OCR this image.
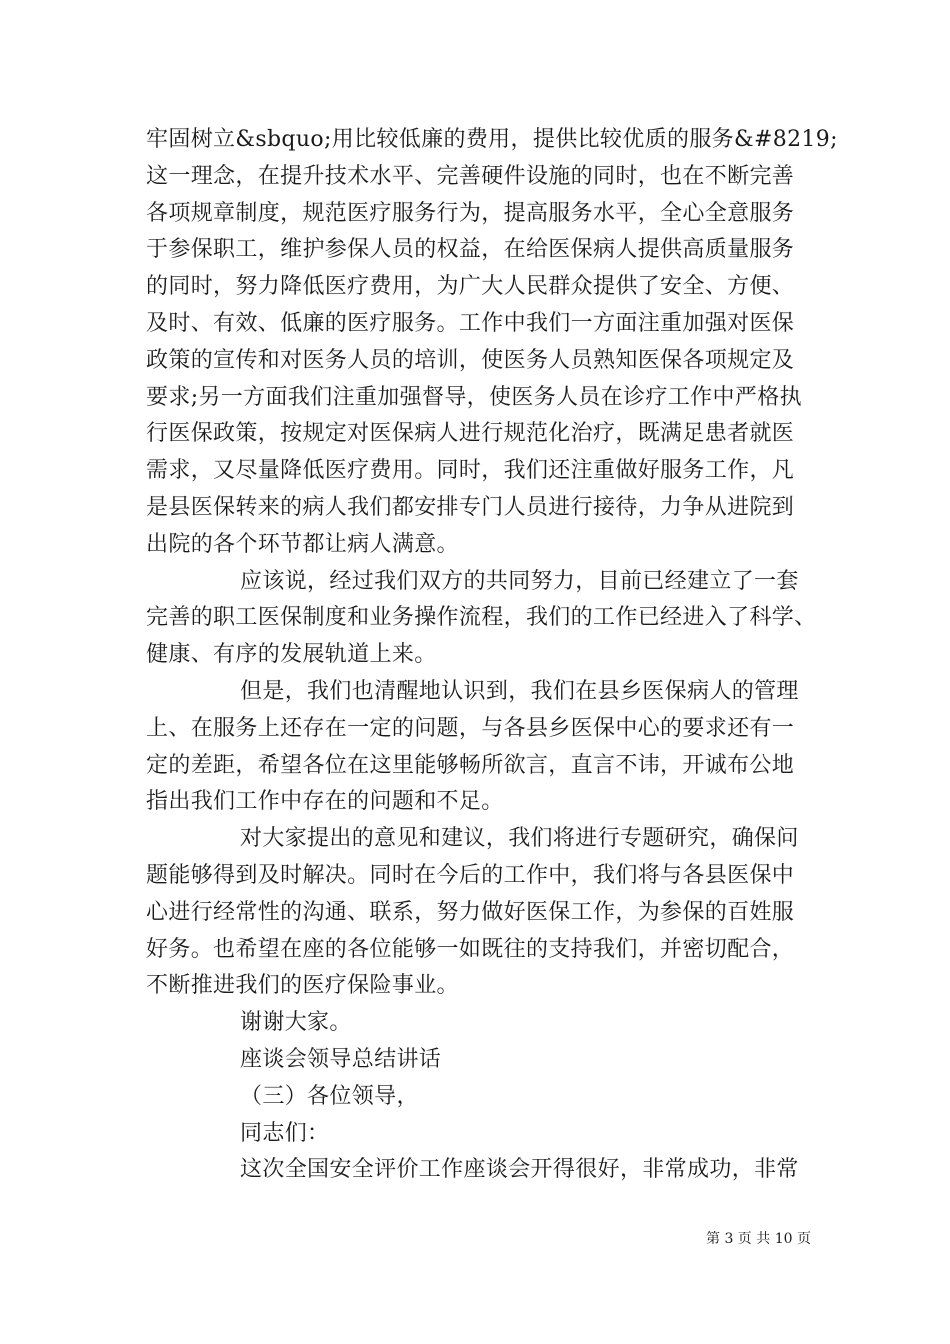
牢固树立&sbquo;用比较低廉的费用，提供比较优质的服务&#8219;
这一理念，在提升技术水平、完善硬件设施的同时，也在不断完善
各项规章制度，规范医疗服务行为，提高服务水平，全心全意服务
于参保职工，维护参保人员的权益，在给医保病人提供高质量服务
的同时，努力降低医疗费用，为广大人民群众提供了安全、方便、
及时、有效、低廉的医疗服务。工作中我们一方面注重加强对医保
政策的宣传和对医务人员的培训，使医务人员熟知医保各项规定及
要求;另一方面我们注重加强督导，使医务人员在诊疗工作中严格执
行医保政策，按规定对医保病人进行规范化治疗，既满足患者就医
需求，又尽量降低医疗费用。同时，我们还注重做好服务工作，凡
是县医保转来的病人我们都安排专门人员进行接待，力争从进院到
出院的各个环节都让病人满意。
应该说，经过我们双方的共同努力，目前已经建立了一套
完善的职工医保制度和业务操作流程，我们的工作已经进入了科学、
健康、有序的发展轨道上来。
但是，我们也清醒地认识到，我们在县乡医保病人的管理
上、在服务上还存在一定的问题，与各县乡医保中心的要求还有一
定的差距，希望各位在这里能够畅所欲言，直言不讳，开诚布公地
指出我们工作中存在的问题和不足。
对大家提出的意见和建议，我们将进行专题研究，确保问
题能够得到及时解决。同时在今后的工作中，我们将与各县医保中
心进行经常性的沟通、联系，努力做好医保工作，为参保的百姓服
好务。也希望在座的各位能够一如既往的支持我们，并密切配合，
不断推进我们的医疗保险事业。
谢谢大家。
座谈会领导总结讲话
（三）各位领导，
同志们：
这次全国安全评价工作座谈会开得很好，非常成功，非常
第 3 页 共 10 页
